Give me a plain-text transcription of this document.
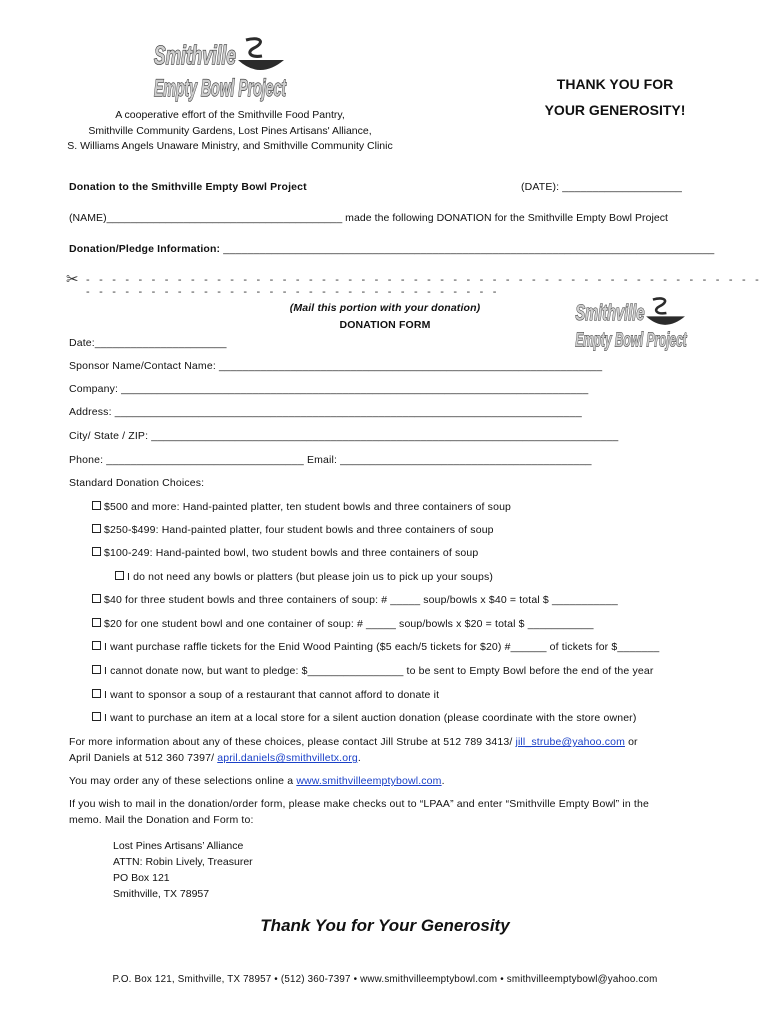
Smithville
Empty Bowl Project
A cooperative effort of the Smithville Food Pantry,
Smithville Community Gardens, Lost Pines Artisans' Alliance,
S. Williams Angels Unaware Ministry, and Smithville Community Clinic
THANK YOU FOR
YOUR GENEROSITY!
Donation to the Smithville Empty Bowl Project	(DATE): ____________________
(NAME)________________________________________ made the following DONATION for the Smithville Empty Bowl Project
Donation/Pledge Information: __________________________________________________________________________________
✂ - - - - - - - - - - - - - - - - - - - - - - - - - - - - - - - - - - - - - - - - - - - - - - - - - - - - - - - - - - - - - - - - - - - - - - - - - - - - - - - - - - - -
Smithville
Empty Bowl Project
(Mail this portion with your donation)
DONATION FORM
Date:______________________
Sponsor Name/Contact Name: ________________________________________________________________
Company: ______________________________________________________________________________
Address: ______________________________________________________________________________
City/ State / ZIP: ______________________________________________________________________________
Phone: _________________________________ Email: __________________________________________
Standard Donation Choices:
$500 and more: Hand-painted platter, ten student bowls and three containers of soup
$250-$499: Hand-painted platter, four student bowls and three containers of soup
$100-249: Hand-painted bowl, two student bowls and three containers of soup
I do not need any bowls or platters (but please join us to pick up your soups)
$40 for three student bowls and three containers of soup: # _____ soup/bowls x $40 = total $ ___________
$20 for one student bowl and one container of soup: # _____ soup/bowls x $20 = total $ ___________
I want purchase raffle tickets for the Enid Wood Painting ($5 each/5 tickets for $20) #______ of tickets for $_______
I cannot donate now, but want to pledge: $________________ to be sent to Empty Bowl before the end of the year
I want to sponsor a soup of a restaurant that cannot afford to donate it
I want to purchase an item at a local store for a silent auction donation (please coordinate with the store owner)
For more information about any of these choices, please contact Jill Strube at 512 789 3413/ jill_strube@yahoo.com or
April Daniels at 512 360 7397/ april.daniels@smithvilletx.org.
You may order any of these selections online a www.smithvilleemptybowl.com.
If you wish to mail in the donation/order form, please make checks out to “LPAA” and enter “Smithville Empty Bowl” in the
memo. Mail the Donation and Form to:
Lost Pines Artisans’ Alliance
ATTN: Robin Lively, Treasurer
PO Box 121
Smithville, TX 78957
Thank You for Your Generosity
P.O. Box 121, Smithville, TX 78957 • (512) 360-7397 • www.smithvilleemptybowl.com • smithvilleemptybowl@yahoo.com
